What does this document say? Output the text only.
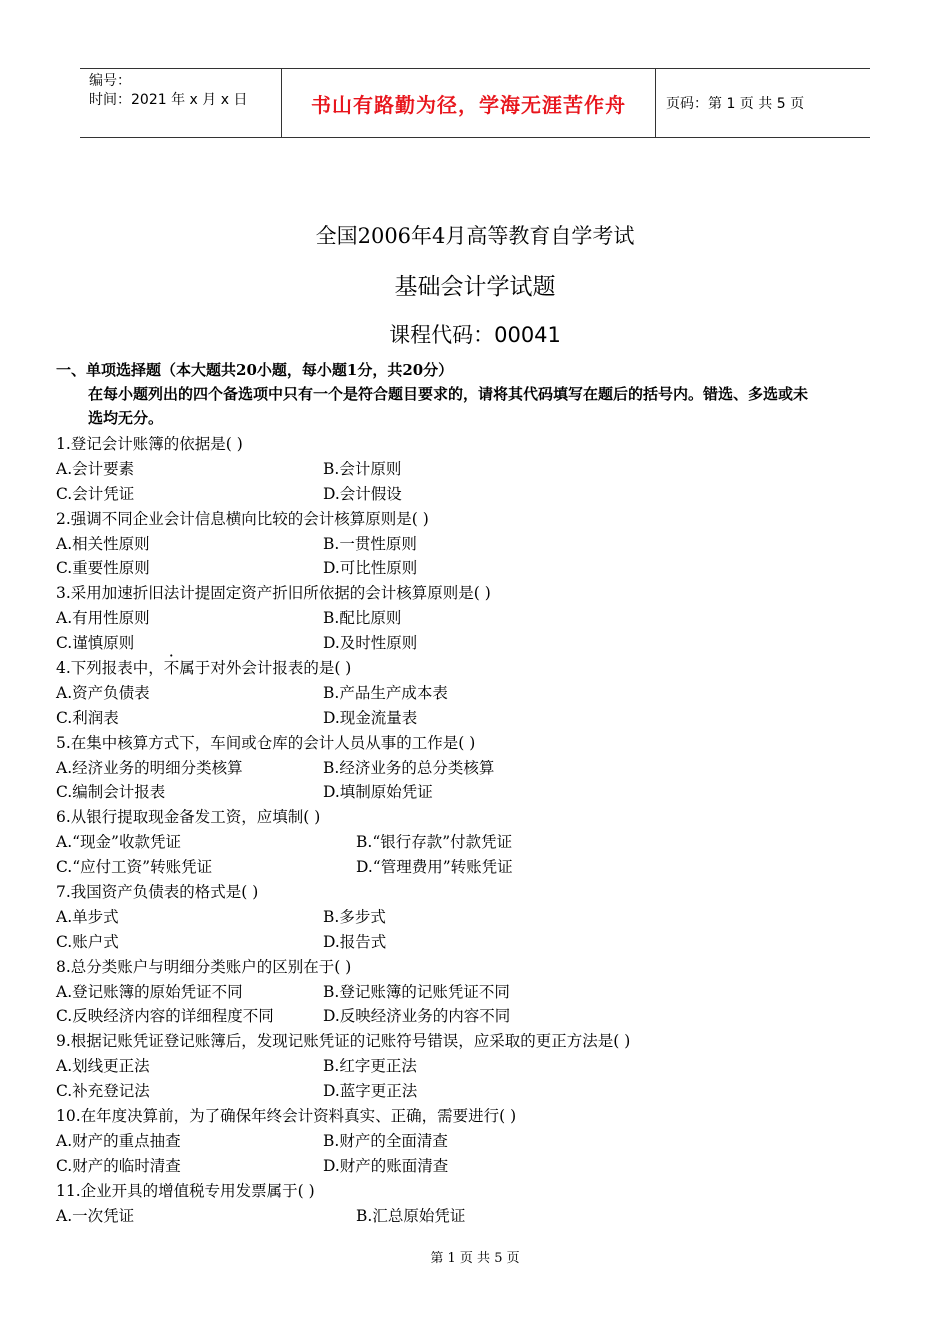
编号：
时间：2021 年 x 月 x 日	书山有路勤为径，学海无涯苦作舟	页码：第 1 页 共 5 页
全国2006年4月高等教育自学考试
基础会计学试题
课程代码：00041
一、单项选择题（本大题共20小题，每小题1分，共20分）
在每小题列出的四个备选项中只有一个是符合题目要求的，请将其代码填写在题后的括号内。错选、多选或未
选均无分。
1.登记会计账簿的依据是( )
A.会计要素	B.会计原则
C.会计凭证	D.会计假设
2.强调不同企业会计信息横向比较的会计核算原则是( )
A.相关性原则	B.一贯性原则
C.重要性原则	D.可比性原则
3.采用加速折旧法计提固定资产折旧所依据的会计核算原则是( )
A.有用性原则	B.配比原则
C.谨慎原则	D.及时性原则
4.下列报表中，不属于对外会计报表的是( )
A.资产负债表	B.产品生产成本表
C.利润表	D.现金流量表
5.在集中核算方式下，车间或仓库的会计人员从事的工作是( )
A.经济业务的明细分类核算	B.经济业务的总分类核算
C.编制会计报表	D.填制原始凭证
6.从银行提取现金备发工资，应填制( )
A.“现金”收款凭证	B.“银行存款”付款凭证
C.“应付工资”转账凭证	D.“管理费用”转账凭证
7.我国资产负债表的格式是( )
A.单步式	B.多步式
C.账户式	D.报告式
8.总分类账户与明细分类账户的区别在于( )
A.登记账簿的原始凭证不同	B.登记账簿的记账凭证不同
C.反映经济内容的详细程度不同	D.反映经济业务的内容不同
9.根据记账凭证登记账簿后，发现记账凭证的记账符号错误，应采取的更正方法是( )
A.划线更正法	B.红字更正法
C.补充登记法	D.蓝字更正法
10.在年度决算前，为了确保年终会计资料真实、正确，需要进行( )
A.财产的重点抽查	B.财产的全面清查
C.财产的临时清查	D.财产的账面清查
11.企业开具的增值税专用发票属于( )
A.一次凭证	B.汇总原始凭证
第 1 页 共 5 页
